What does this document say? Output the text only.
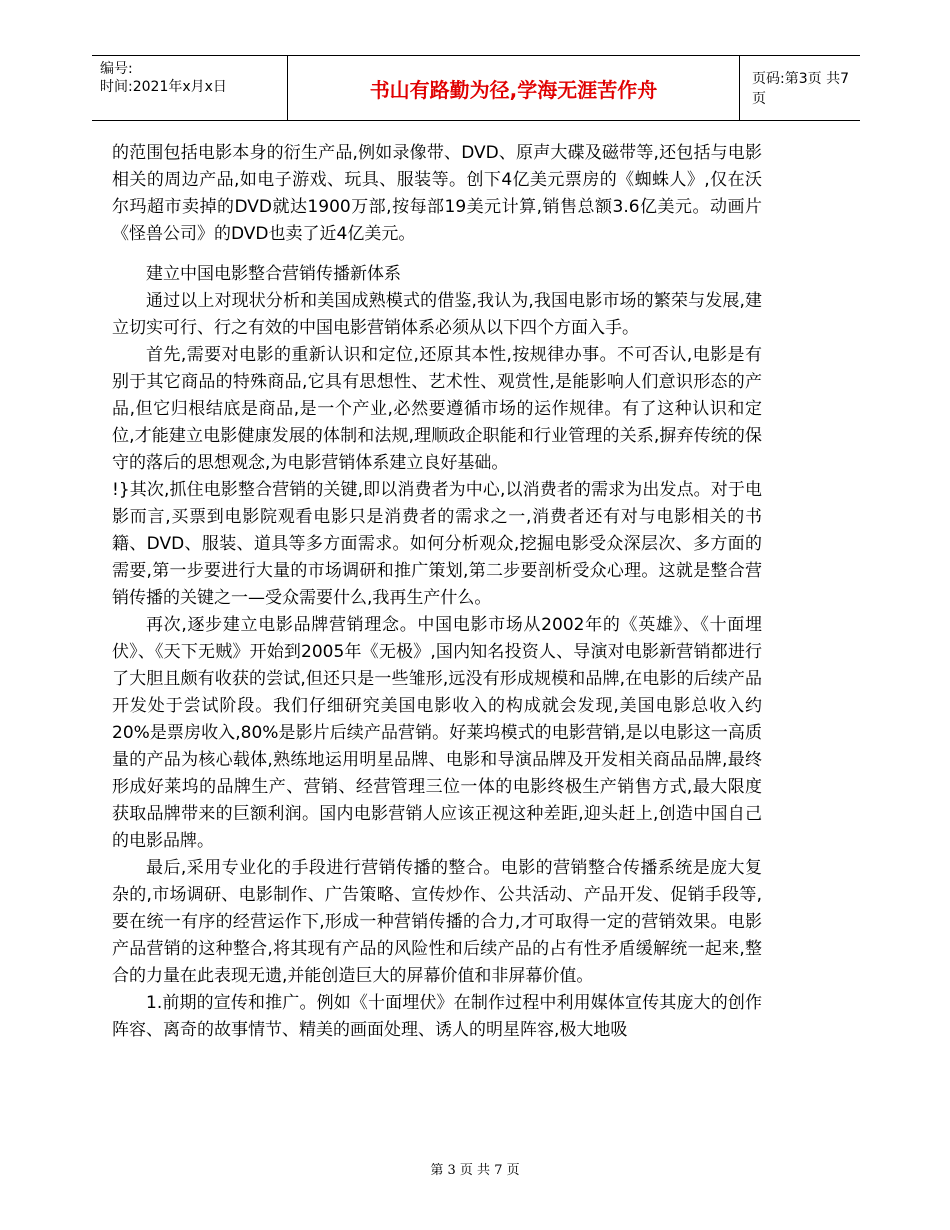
编号:
时间:2021年x月x日	书山有路勤为径,学海无涯苦作舟	页码:第3页 共7页

的范围包括电影本身的衍生产品,例如录像带、DVD、原声大碟及磁带等,还包括与电影相关的周边产品,如电子游戏、玩具、服装等。创下4亿美元票房的《蜘蛛人》,仅在沃尔玛超市卖掉的DVD就达1900万部,按每部19美元计算,销售总额3.6亿美元。动画片《怪兽公司》的DVD也卖了近4亿美元。

建立中国电影整合营销传播新体系

通过以上对现状分析和美国成熟模式的借鉴,我认为,我国电影市场的繁荣与发展,建立切实可行、行之有效的中国电影营销体系必须从以下四个方面入手。

首先,需要对电影的重新认识和定位,还原其本性,按规律办事。不可否认,电影是有别于其它商品的特殊商品,它具有思想性、艺术性、观赏性,是能影响人们意识形态的产品,但它归根结底是商品,是一个产业,必然要遵循市场的运作规律。有了这种认识和定位,才能建立电影健康发展的体制和法规,理顺政企职能和行业管理的关系,摒弃传统的保守的落后的思想观念,为电影营销体系建立良好基础。

!}其次,抓住电影整合营销的关键,即以消费者为中心,以消费者的需求为出发点。对于电影而言,买票到电影院观看电影只是消费者的需求之一,消费者还有对与电影相关的书籍、DVD、服装、道具等多方面需求。如何分析观众,挖掘电影受众深层次、多方面的需要,第一步要进行大量的市场调研和推广策划,第二步要剖析受众心理。这就是整合营销传播的关键之一—受众需要什么,我再生产什么。

再次,逐步建立电影品牌营销理念。中国电影市场从2002年的《英雄》、《十面埋伏》、《天下无贼》开始到2005年《无极》,国内知名投资人、导演对电影新营销都进行了大胆且颇有收获的尝试,但还只是一些雏形,远没有形成规模和品牌,在电影的后续产品开发处于尝试阶段。我们仔细研究美国电影收入的构成就会发现,美国电影总收入约20%是票房收入,80%是影片后续产品营销。好莱坞模式的电影营销,是以电影这一高质量的产品为核心载体,熟练地运用明星品牌、电影和导演品牌及开发相关商品品牌,最终形成好莱坞的品牌生产、营销、经营管理三位一体的电影终极生产销售方式,最大限度获取品牌带来的巨额利润。国内电影营销人应该正视这种差距,迎头赶上,创造中国自己的电影品牌。

最后,采用专业化的手段进行营销传播的整合。电影的营销整合传播系统是庞大复杂的,市场调研、电影制作、广告策略、宣传炒作、公共活动、产品开发、促销手段等,要在统一有序的经营运作下,形成一种营销传播的合力,才可取得一定的营销效果。电影产品营销的这种整合,将其现有产品的风险性和后续产品的占有性矛盾缓解统一起来,整合的力量在此表现无遗,并能创造巨大的屏幕价值和非屏幕价值。

1.前期的宣传和推广。例如《十面埋伏》在制作过程中利用媒体宣传其庞大的创作阵容、离奇的故事情节、精美的画面处理、诱人的明星阵容,极大地吸

第 3 页 共 7 页
